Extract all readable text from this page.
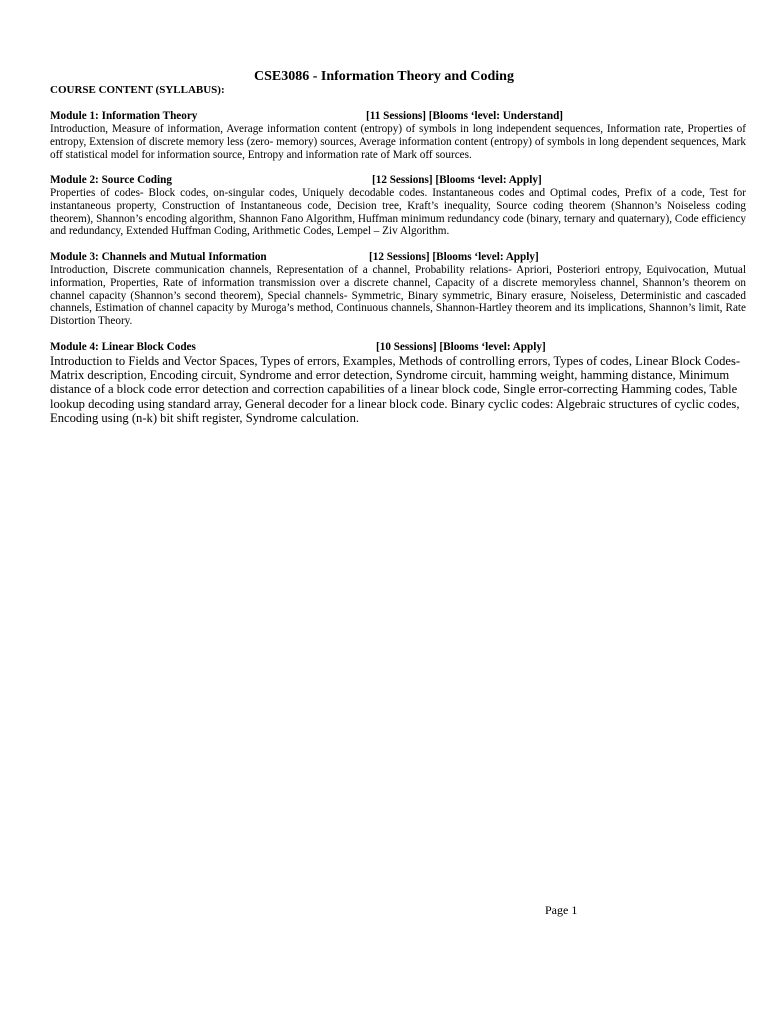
CSE3086 - Information Theory and Coding
COURSE CONTENT (SYLLABUS):
Module 1: Information Theory	[11 Sessions] [Blooms ‘level: Understand]

Introduction, Measure of information, Average information content (entropy) of symbols in long independent sequences, Information rate, Properties of entropy, Extension of discrete memory less (zero- memory) sources, Average information content (entropy) of symbols in long dependent sequences, Mark off statistical model for information source, Entropy and information rate of Mark off sources.

Module 2: Source Coding	[12 Sessions] [Blooms ‘level: Apply]

Properties of codes- Block codes, on-singular codes, Uniquely decodable codes. Instantaneous codes and Optimal codes, Prefix of a code, Test for instantaneous property, Construction of Instantaneous code, Decision tree, Kraft’s inequality, Source coding theorem (Shannon’s Noiseless coding theorem), Shannon’s encoding algorithm, Shannon Fano Algorithm, Huffman minimum redundancy code (binary, ternary and quaternary), Code efficiency and redundancy, Extended Huffman Coding, Arithmetic Codes, Lempel – Ziv Algorithm.

Module 3: Channels and Mutual Information	[12 Sessions] [Blooms ‘level: Apply]

Introduction, Discrete communication channels, Representation of a channel, Probability relations- Apriori, Posteriori entropy, Equivocation, Mutual information, Properties, Rate of information transmission over a discrete channel, Capacity of a discrete memoryless channel, Shannon’s theorem on channel capacity (Shannon’s second theorem), Special channels- Symmetric, Binary symmetric, Binary erasure, Noiseless, Deterministic and cascaded channels, Estimation of channel capacity by Muroga’s method, Continuous channels, Shannon-Hartley theorem and its implications, Shannon’s limit, Rate Distortion Theory.

Module 4: Linear Block Codes	[10 Sessions] [Blooms ‘level: Apply]

Introduction to Fields and Vector Spaces, Types of errors, Examples, Methods of controlling errors, Types of codes, Linear Block Codes- Matrix description, Encoding circuit, Syndrome and error detection, Syndrome circuit, hamming weight, hamming distance, Minimum distance of a block code error detection and correction capabilities of a linear block code, Single error-correcting Hamming codes, Table lookup decoding using standard array, General decoder for a linear block code. Binary cyclic codes: Algebraic structures of cyclic codes, Encoding using (n-k) bit shift register, Syndrome calculation.

Page 1
